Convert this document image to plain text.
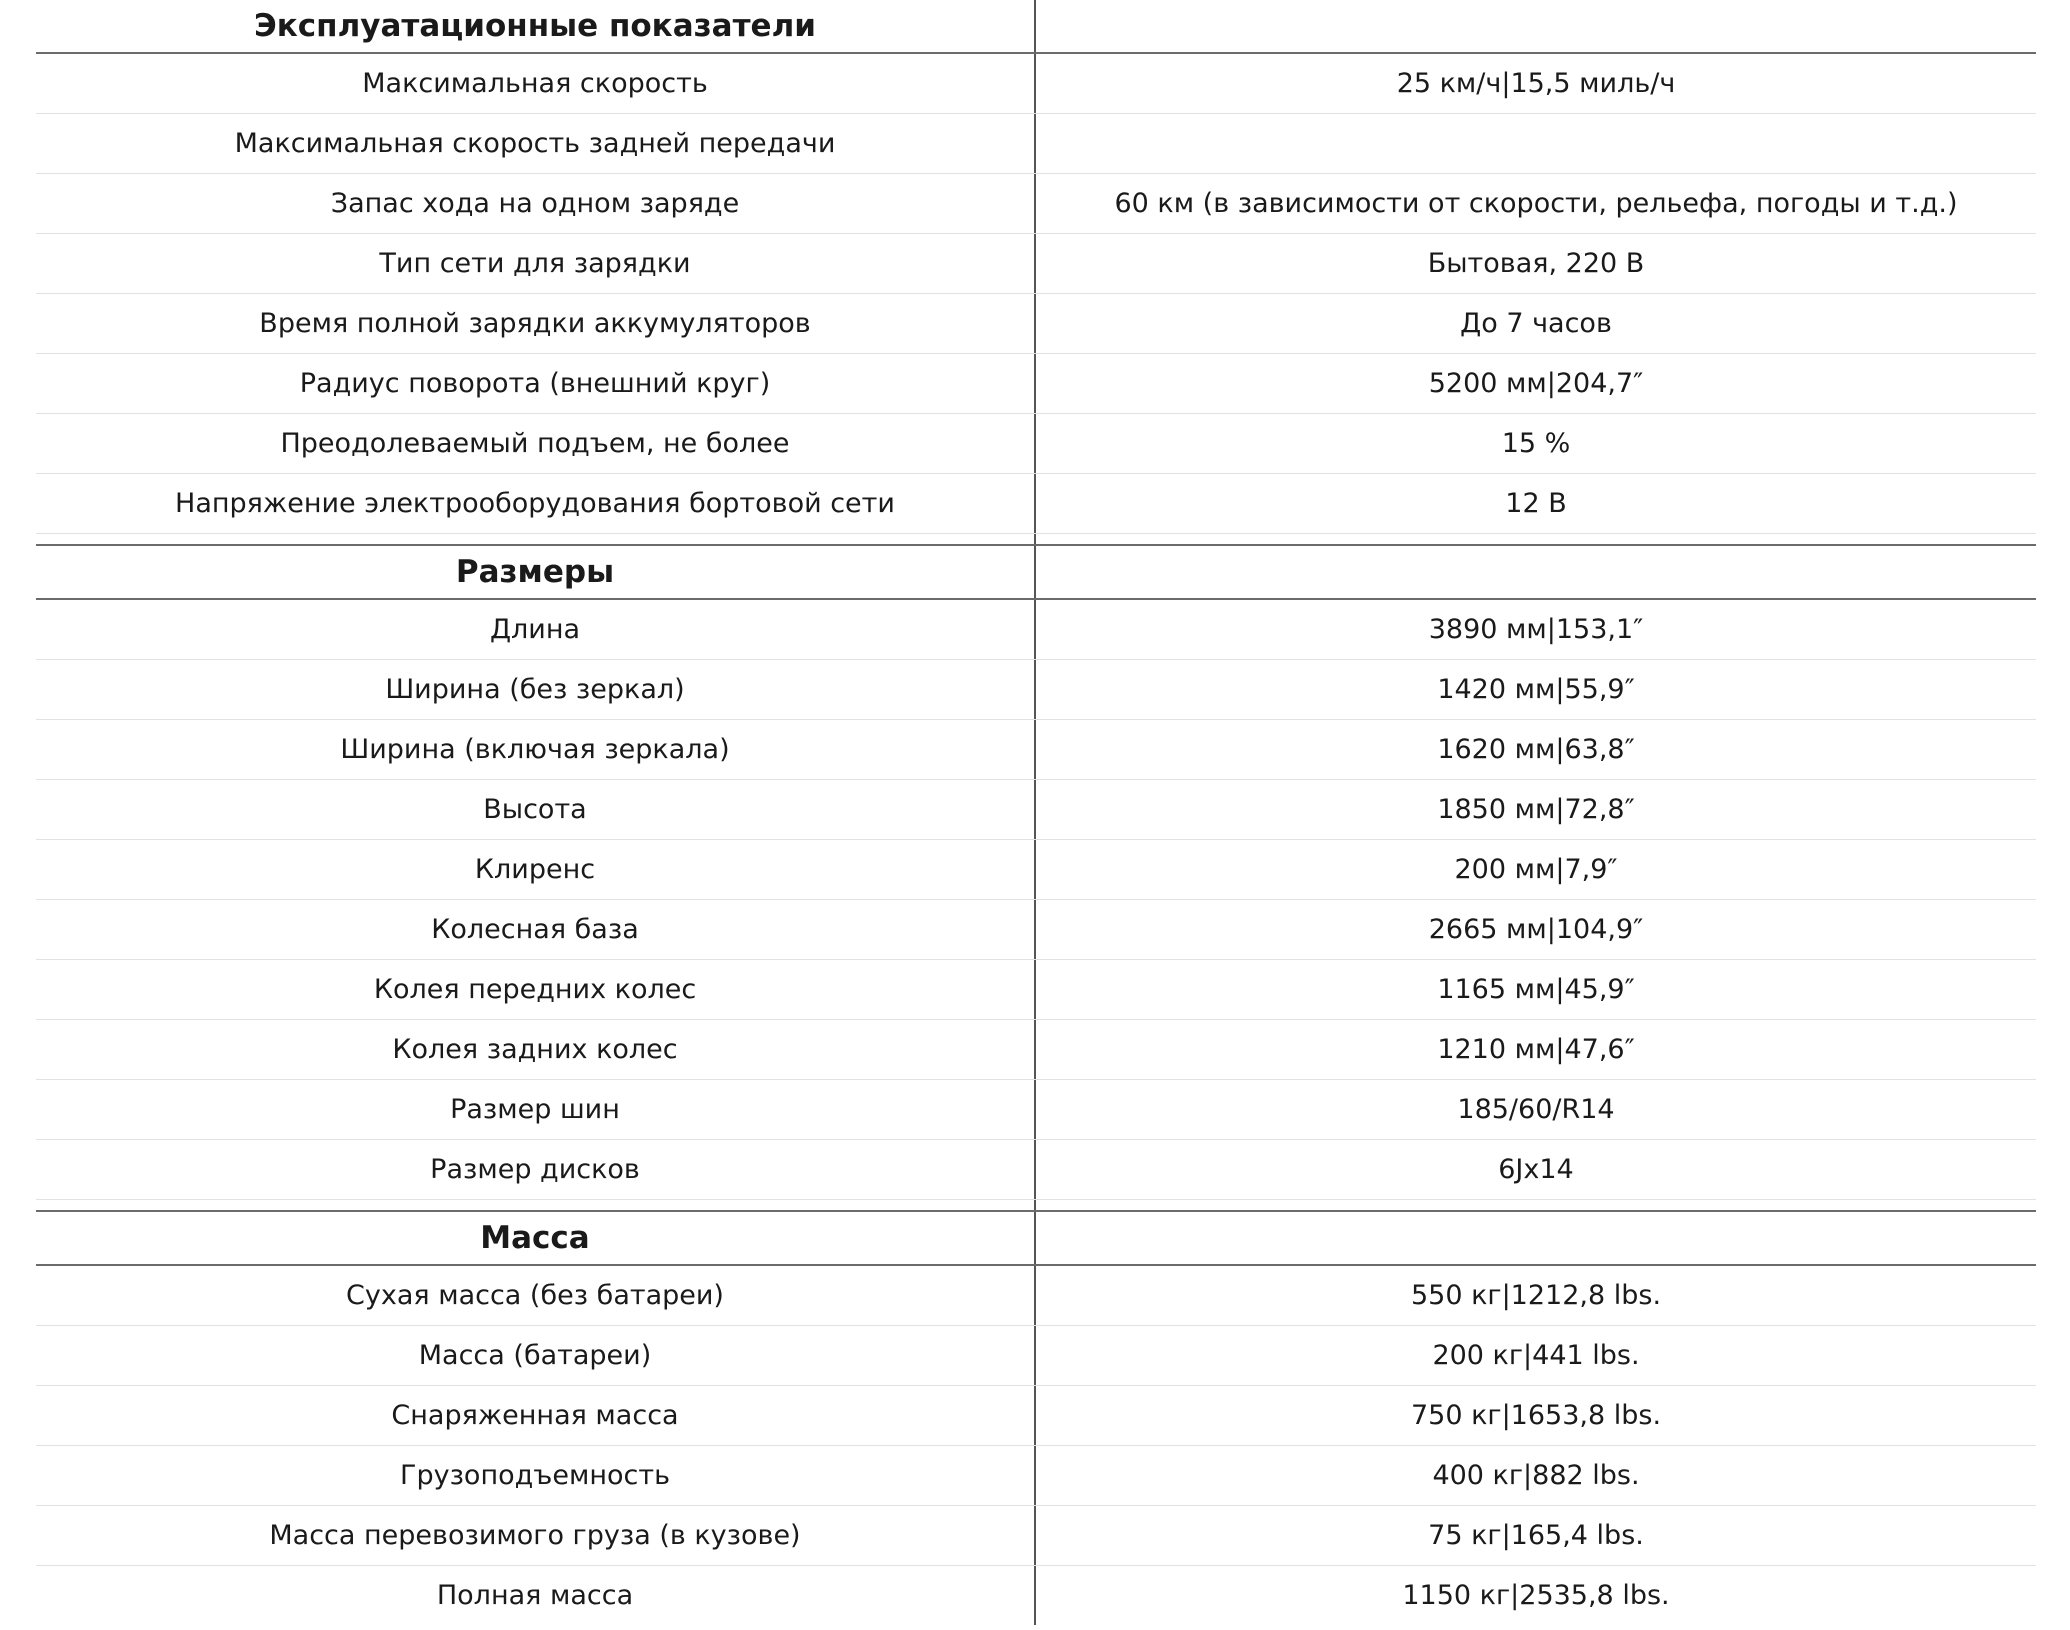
Эксплуатационные показатели
Максимальная скорость	25 км/ч|15,5 миль/ч
Максимальная скорость задней передачи
Запас хода на одном заряде	60 км (в зависимости от скорости, рельефа, погоды и т.д.)
Тип сети для зарядки	Бытовая, 220 В
Время полной зарядки аккумуляторов	До 7 часов
Радиус поворота (внешний круг)	5200 мм|204,7″
Преодолеваемый подъем, не более	15 %
Напряжение электрооборудования бортовой сети	12 В
Размеры
Длина	3890 мм|153,1″
Ширина (без зеркал)	1420 мм|55,9″
Ширина (включая зеркала)	1620 мм|63,8″
Высота	1850 мм|72,8″
Клиренс	200 мм|7,9″
Колесная база	2665 мм|104,9″
Колея передних колес	1165 мм|45,9″
Колея задних колес	1210 мм|47,6″
Размер шин	185/60/R14
Размер дисков	6Jx14
Масса
Сухая масса (без батареи)	550 кг|1212,8 lbs.
Масса (батареи)	200 кг|441 lbs.
Снаряженная масса	750 кг|1653,8 lbs.
Грузоподъемность	400 кг|882 lbs.
Масса перевозимого груза (в кузове)	75 кг|165,4 lbs.
Полная масса	1150 кг|2535,8 lbs.
